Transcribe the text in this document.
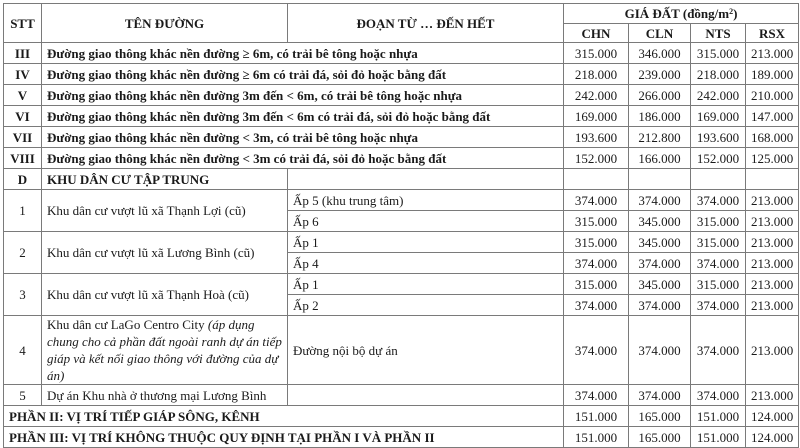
STT	TÊN ĐƯỜNG	ĐOẠN TỪ … ĐẾN HẾT	GIÁ ĐẤT $(đồng/m^2)$			
			CHN	CLN	NTS	RSX
III	Đường giao thông khác nền đường ≥ 6m, có trải bê tông hoặc nhựa		315.000	346.000	315.000	213.000
IV	Đường giao thông khác nền đường ≥ 6m có trải đá, sỏi đỏ hoặc bằng đất		218.000	239.000	218.000	189.000
V	Đường giao thông khác nền đường 3m đến < 6m, có trải bê tông hoặc nhựa		242.000	266.000	242.000	210.000
VI	Đường giao thông khác nền đường 3m đến < 6m có trải đá, sỏi đỏ hoặc bằng đất		169.000	186.000	169.000	147.000
VII	Đường giao thông khác nền đường < 3m, có trải bê tông hoặc nhựa		193.600	212.800	193.600	168.000
VIII	Đường giao thông khác nền đường < 3m có trải đá, sỏi đỏ hoặc bằng đất		152.000	166.000	152.000	125.000
D	KHU DÂN CƯ TẬP TRUNG					
1	Khu dân cư vượt lũ xã Thạnh Lợi (cũ)	Ấp 5 (khu trung tâm)	374.000	374.000	374.000	213.000
		Ấp 6	315.000	345.000	315.000	213.000
2	Khu dân cư vượt lũ xã Lương Bình (cũ)	Ấp 1	315.000	345.000	315.000	213.000
		Ấp 4	374.000	374.000	374.000	213.000
3	Khu dân cư vượt lũ xã Thạnh Hoà (cũ)	Ấp 1	315.000	345.000	315.000	213.000
		Ấp 2	374.000	374.000	374.000	213.000
4	Khu dân cư LaGo Centro City (áp dụng chung cho cả phần đất ngoài ranh dự án tiếp giáp và kết nối giao thông với đường của dự án)	Đường nội bộ dự án	374.000	374.000	374.000	213.000
5	Dự án Khu nhà ở thương mại Lương Bình		374.000	374.000	374.000	213.000
PHẦN II: VỊ TRÍ TIẾP GIÁP SÔNG, KÊNH			151.000	165.000	151.000	124.000
PHẦN III: VỊ TRÍ KHÔNG THUỘC QUY ĐỊNH TẠI PHẦN I VÀ PHẦN II			151.000	165.000	151.000	124.000
